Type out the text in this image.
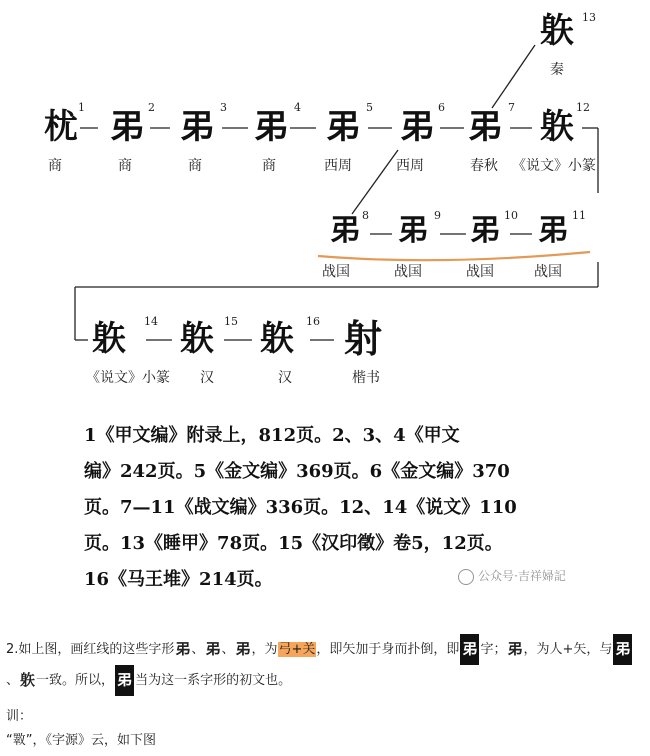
𣏞 1
商
𢎨 2
商
𢎨 3
商
𢎨 4
商
𢎨 5
西周
𢎨 6
西周
𢎨 7
春秋
䠶 12
《说文》小篆
䠶 13
秦
𢎨 8
战国
𢎨 9
战国
𢎨 10
战国
𢎨 11
战国
䠶 14
《说文》小篆
䠶 15
汉
䠶 16
汉
射
楷书
1《甲文编》附录上，812页。2、3、4《甲文
编》242页。5《金文编》369页。6《金文编》370
页。7—11《战文编》336页。12、14《说文》110
页。13《睡甲》78页。15《汉印徵》卷5，12页。
16《马王堆》214页。	公众号·吉祥婦記

2.如上图，画红线的这些字形𢎨、𢎨、𢎨，为弓+关，即矢加于身而扑倒，即 𢎨 字；𢎨，为人+矢，与 𢎨、䠶一致。所以， 𢎨 当为这一系字形的初文也。

训：

“斁”，《字源》云，如下图
